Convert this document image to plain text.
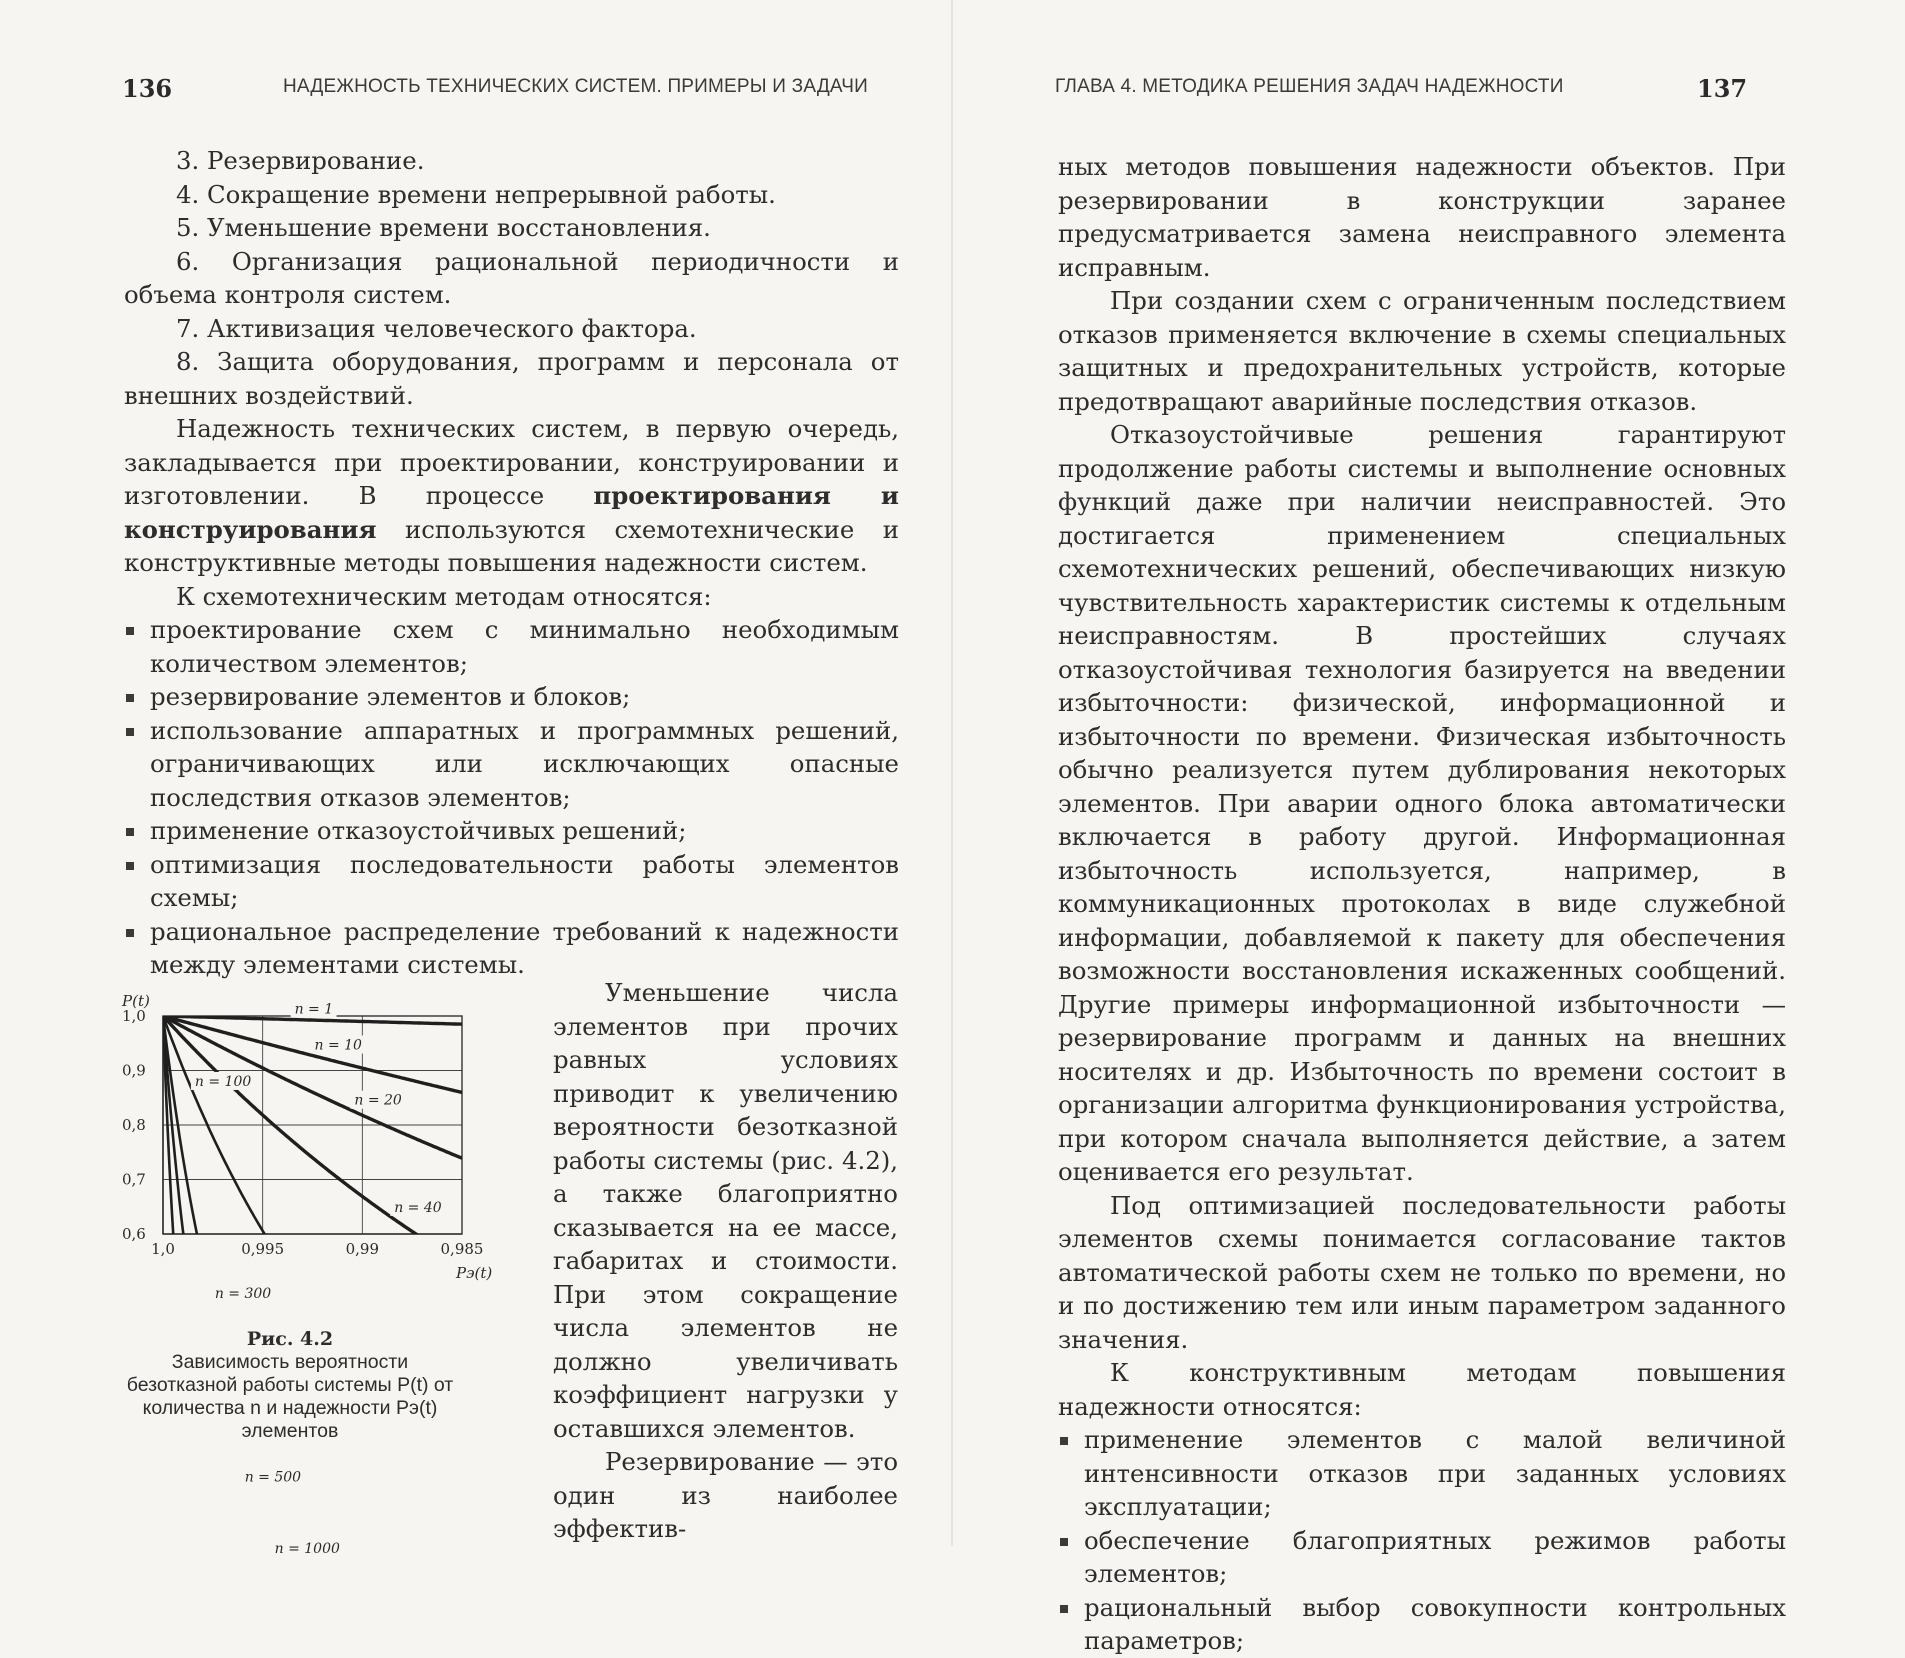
136	НАДЕЖНОСТЬ ТЕХНИЧЕСКИХ СИСТЕМ. ПРИМЕРЫ И ЗАДАЧИ

3. Резервирование.

4. Сокращение времени непрерывной работы.

5. Уменьшение времени восстановления.

6. Организация рациональной периодичности и объема контроля систем.

7. Активизация человеческого фактора.

8. Защита оборудования, программ и персонала от внешних воздействий.

Надежность технических систем, в первую очередь, закладывается при проектировании, конструировании и изготовлении. В процессе проектирования и конструирования используются схемотехнические и конструктивные методы повышения надежности систем.

К схемотехническим методам относятся:

проектирование схем с минимально необходимым количеством элементов;

резервирование элементов и блоков;

использование аппаратных и программных решений, ограничивающих или исключающих опасные последствия отказов элементов;

применение отказоустойчивых решений;

оптимизация последовательности работы элементов схемы;

рациональное распределение требований к надежности между элементами системы.

Уменьшение числа элементов при прочих равных условиях приводит к увеличению вероятности безотказной работы системы (рис. 4.2), а также благоприятно сказывается на ее массе, габаритах и стоимости. При этом сокращение числа элементов не должно увеличивать коэффициент нагрузки у оставшихся элементов.

Резервирование — это один из наиболее эффектив-

1,0
0,9
0,8
0,7
0,6
1,0	0,995	0,99	0,985
P(t)
Pэ(t)
n = 1
n = 10
n = 20
n = 40
n = 100
n = 300
n = 500
n = 1000
Рис. 4.2
Зависимость вероятности безотказной работы системы P(t) от количества n и надежности Pэ(t) элементов
ГЛАВА 4. МЕТОДИКА РЕШЕНИЯ ЗАДАЧ НАДЕЖНОСТИ	137

ных методов повышения надежности объектов. При резервировании в конструкции заранее предусматривается замена неисправного элемента исправным.

При создании схем с ограниченным последствием отказов применяется включение в схемы специальных защитных и предохранительных устройств, которые предотвращают аварийные последствия отказов.

Отказоустойчивые решения гарантируют продолжение работы системы и выполнение основных функций даже при наличии неисправностей. Это достигается применением специальных схемотехнических решений, обеспечивающих низкую чувствительность характеристик системы к отдельным неисправностям. В простейших случаях отказоустойчивая технология базируется на введении избыточности: физической, информационной и избыточности по времени. Физическая избыточность обычно реализуется путем дублирования некоторых элементов. При аварии одного блока автоматически включается в работу другой. Информационная избыточность используется, например, в коммуникационных протоколах в виде служебной информации, добавляемой к пакету для обеспечения возможности восстановления искаженных сообщений. Другие примеры информационной избыточности — резервирование программ и данных на внешних носителях и др. Избыточность по времени состоит в организации алгоритма функционирования устройства, при котором сначала выполняется действие, а затем оценивается его результат.

Под оптимизацией последовательности работы элементов схемы понимается согласование тактов автоматической работы схем не только по времени, но и по достижению тем или иным параметром заданного значения.

К конструктивным методам повышения надежности относятся:

применение элементов с малой величиной интенсивности отказов при заданных условиях эксплуатации;

обеспечение благоприятных режимов работы элементов;

рациональный выбор совокупности контрольных параметров;
